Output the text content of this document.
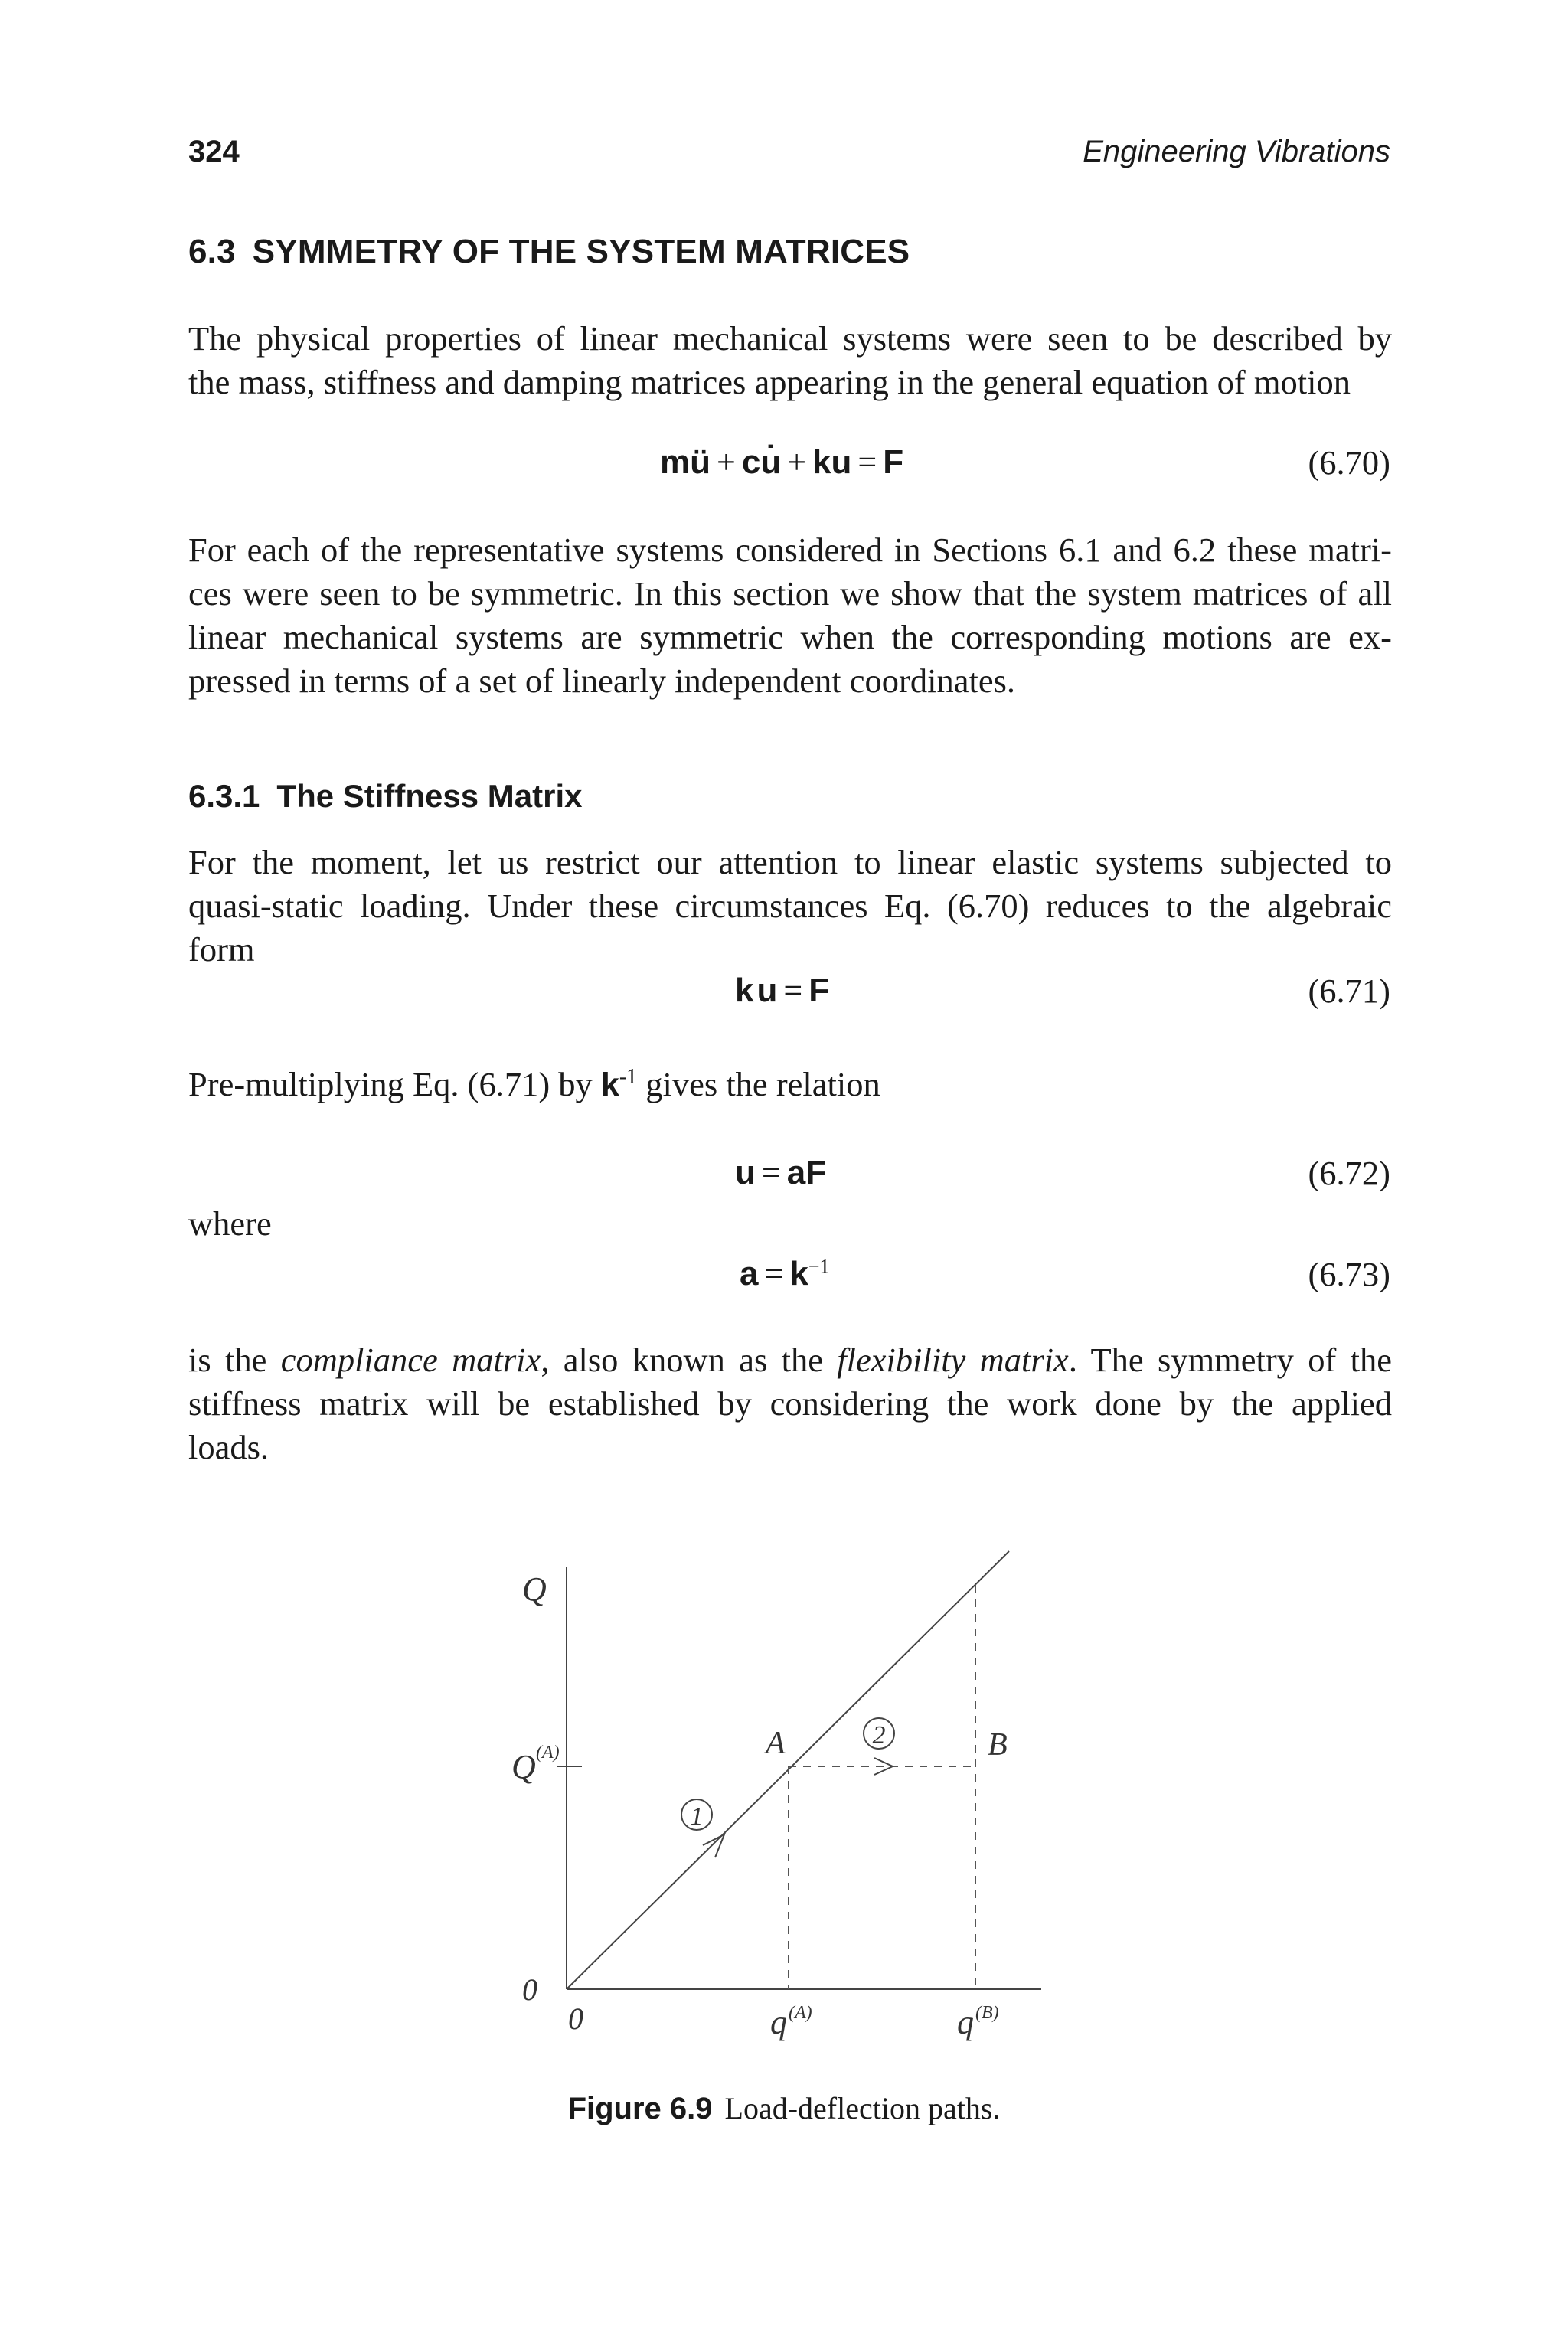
324	Engineering Vibrations
6.3 SYMMETRY OF THE SYSTEM MATRICES
The physical properties of linear mechanical systems were seen to be described by
the mass, stiffness and damping matrices appearing in the general equation of motion
mü + cu̇ + ku = F	(6.70)
For each of the representative systems considered in Sections 6.1 and 6.2 these matri-
ces were seen to be symmetric. In this section we show that the system matrices of all
linear mechanical systems are symmetric when the corresponding motions are ex-
pressed in terms of a set of linearly independent coordinates.
6.3.1 The Stiffness Matrix
For the moment, let us restrict our attention to linear elastic systems subjected to
quasi-static loading. Under these circumstances Eq. (6.70) reduces to the algebraic
form
ku = F	(6.71)
Pre-multiplying Eq. (6.71) by $k^{-1}$ gives the relation
u = aF	(6.72)
where
$a = k^{-1}$	(6.73)
is the compliance matrix, also known as the flexibility matrix. The symmetry of the
stiffness matrix will be established by considering the work done by the applied
loads.
1
2
Q
Q (A)
0
0	q (A)	q (B)
A	B
Figure 6.9 Load-deflection paths.
